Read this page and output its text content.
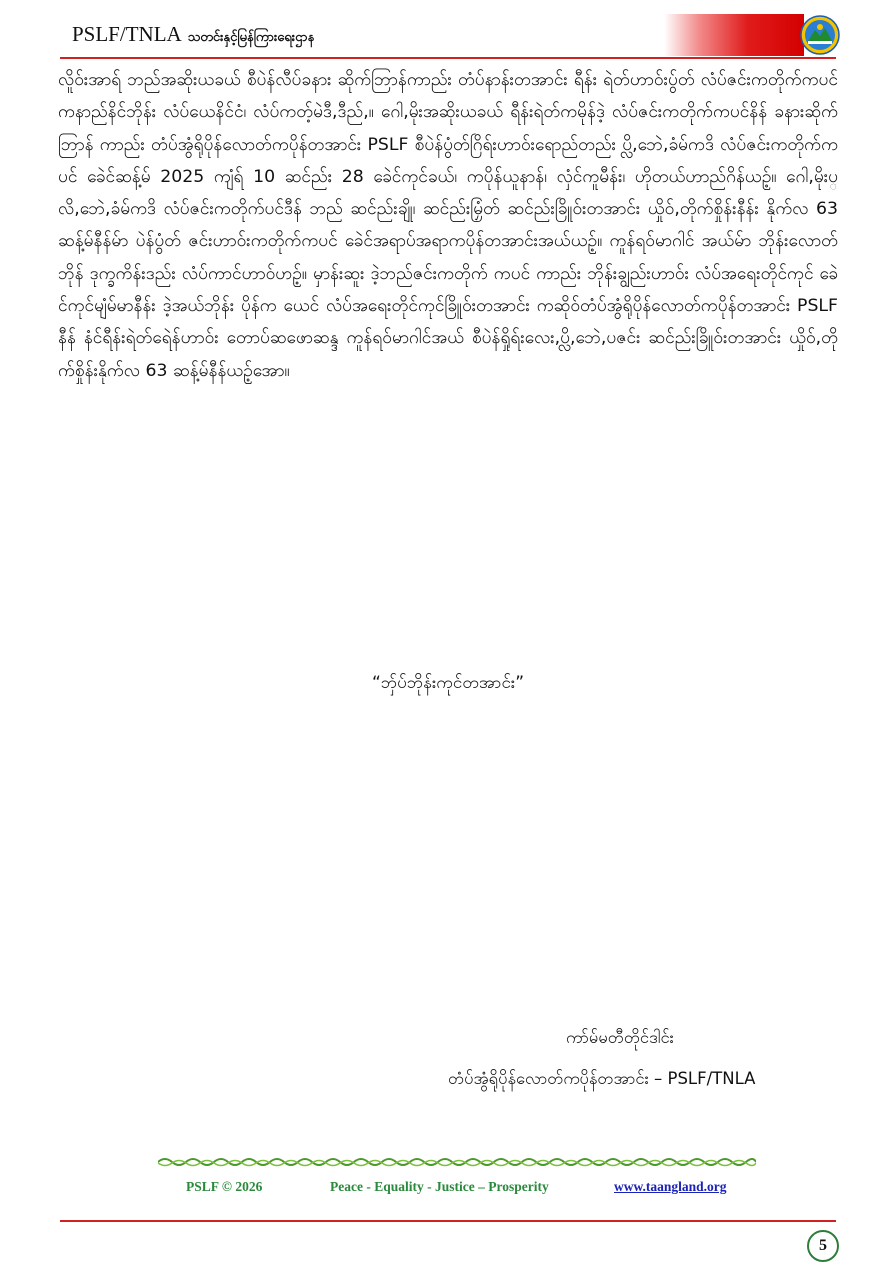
PSLF/TNLA သတင်းနှင့်မြန်ကြားရေးဌာန

လိူဝ်းအာရ် ဘည်အဆိုးယခယ် စီပဲန်လီပ်ခနား ဆိုက်ဘြာန်ကာည်း တံပ်နာန်းတအာင်း ရီန်း ရဲတ်ဟာဝ်းပွ်တ် လံပ်ဇင်းကတိုက်ကပင် ကနာည်နိင်ဘိုန်း လံပ်ယေနိင်ငံ၊ လံပ်ကတ့်မဲဒီ,ဒီည်,။ ဂေါ,မိုးအဆိုးယခယ် ရီန်းရဲတ်ကမိုန်ဒဲ့ လံပ်ဇင်းကတိုက်ကပင်နိန် ခနားဆိုက်ဘြာန် ကာည်း တံပ်အွံရိုပိုန်လောတ်ကပိုန်တအာင်း PSLF စီပဲန်ပွံတ်ဂြိရ်းဟာဝ်းရောည်တည်း ပ္လိ,ဘေဲ,ခံမ်ကဒိ လံပ်ဇင်းကတိုက်ကပင် ခေဲင်ဆန့်မ် 2025 ကျံရ် 10 ဆင်ည်း 28 ခေဲင်ကုင်ခယ်၊ ကပိုန်ယူနာန်၊ လှံင်ကူမီန်း၊ ဟိုတယ်ဟာည်ဂိန်ယဉ့်။ ဂေါ,မိုးပ္လိ,ဘေဲ,ခံမ်ကဒိ လံပ်ဇင်းကတိုက်ပင်ဒီန် ဘည် ဆင်ည်းချို၊ ဆင်ည်းမြှံတ် ဆင်ည်းခြိူဝ်းတအာင်း ယှိုဝ်,တိုက်စှိုန်းနီန်း နိုက်လ 63 ဆန့်မ်နီန်မ်ာ ပဲန်ပွံတ် ဇင်းဟာဝ်းကတိုက်ကပင် ခေဲင်အရာပ်အရာကပိုန်တအာင်းအယ်ယဉ့်။ ကူန်ရဝ်မာဂါင် အယ်မ်ာ ဘိုန်းလောတ်ဘိုန် ဒုက္ခကိန်းဒည်း လံပ်ကာင်ဟာဝ်ဟဉ့်။ မှာန်းဆူး ဒဲ့ဘည်ဇင်းကတိုက် ကပင် ကာည်း ဘိုန်းချွည်းဟာဝ်း လံပ်အရေးတိုင်ကုင် ခေဲင်ကုင်မျံမ်မာနီန်း ဒဲ့အယ်ဘိုန်း ပိုန်က ယေင် လံပ်အရေးတိုင်ကုင်ခြိူဝ်းတအာင်း ကဆိုဝ်တံပ်အွံရိုပိုန်လောတ်ကပိုန်တအာင်း PSLF နီန် နံင်ရီန်းရဲတ်ရေဲန်ဟာဝ်း တောပ်ဆဖောဆန္ဒ ကူန်ရဝ်မာဂါင်အယ် စီပဲန်ရှိုရ်းလေး,ပ္လိ,ဘေဲ,ပဇင်း ဆင်ည်းခြိူဝ်းတအာင်း ယှိုဝ်,တိုက်စှိုန်းနိုက်လ 63 ဆန့်မ်နီန်ယဉ့်အော။

“ဘှ်ပ်ဘိုန်းကုင်တအာင်း”
ကာ်မ်မတီတိုင်ဒါင်း
တံပ်အွံရိုပိုန်လောတ်ကပိုန်တအာင်း – PSLF/TNLA
PSLF © 2026	Peace - Equality - Justice – Prosperity	www.taangland.org
5
